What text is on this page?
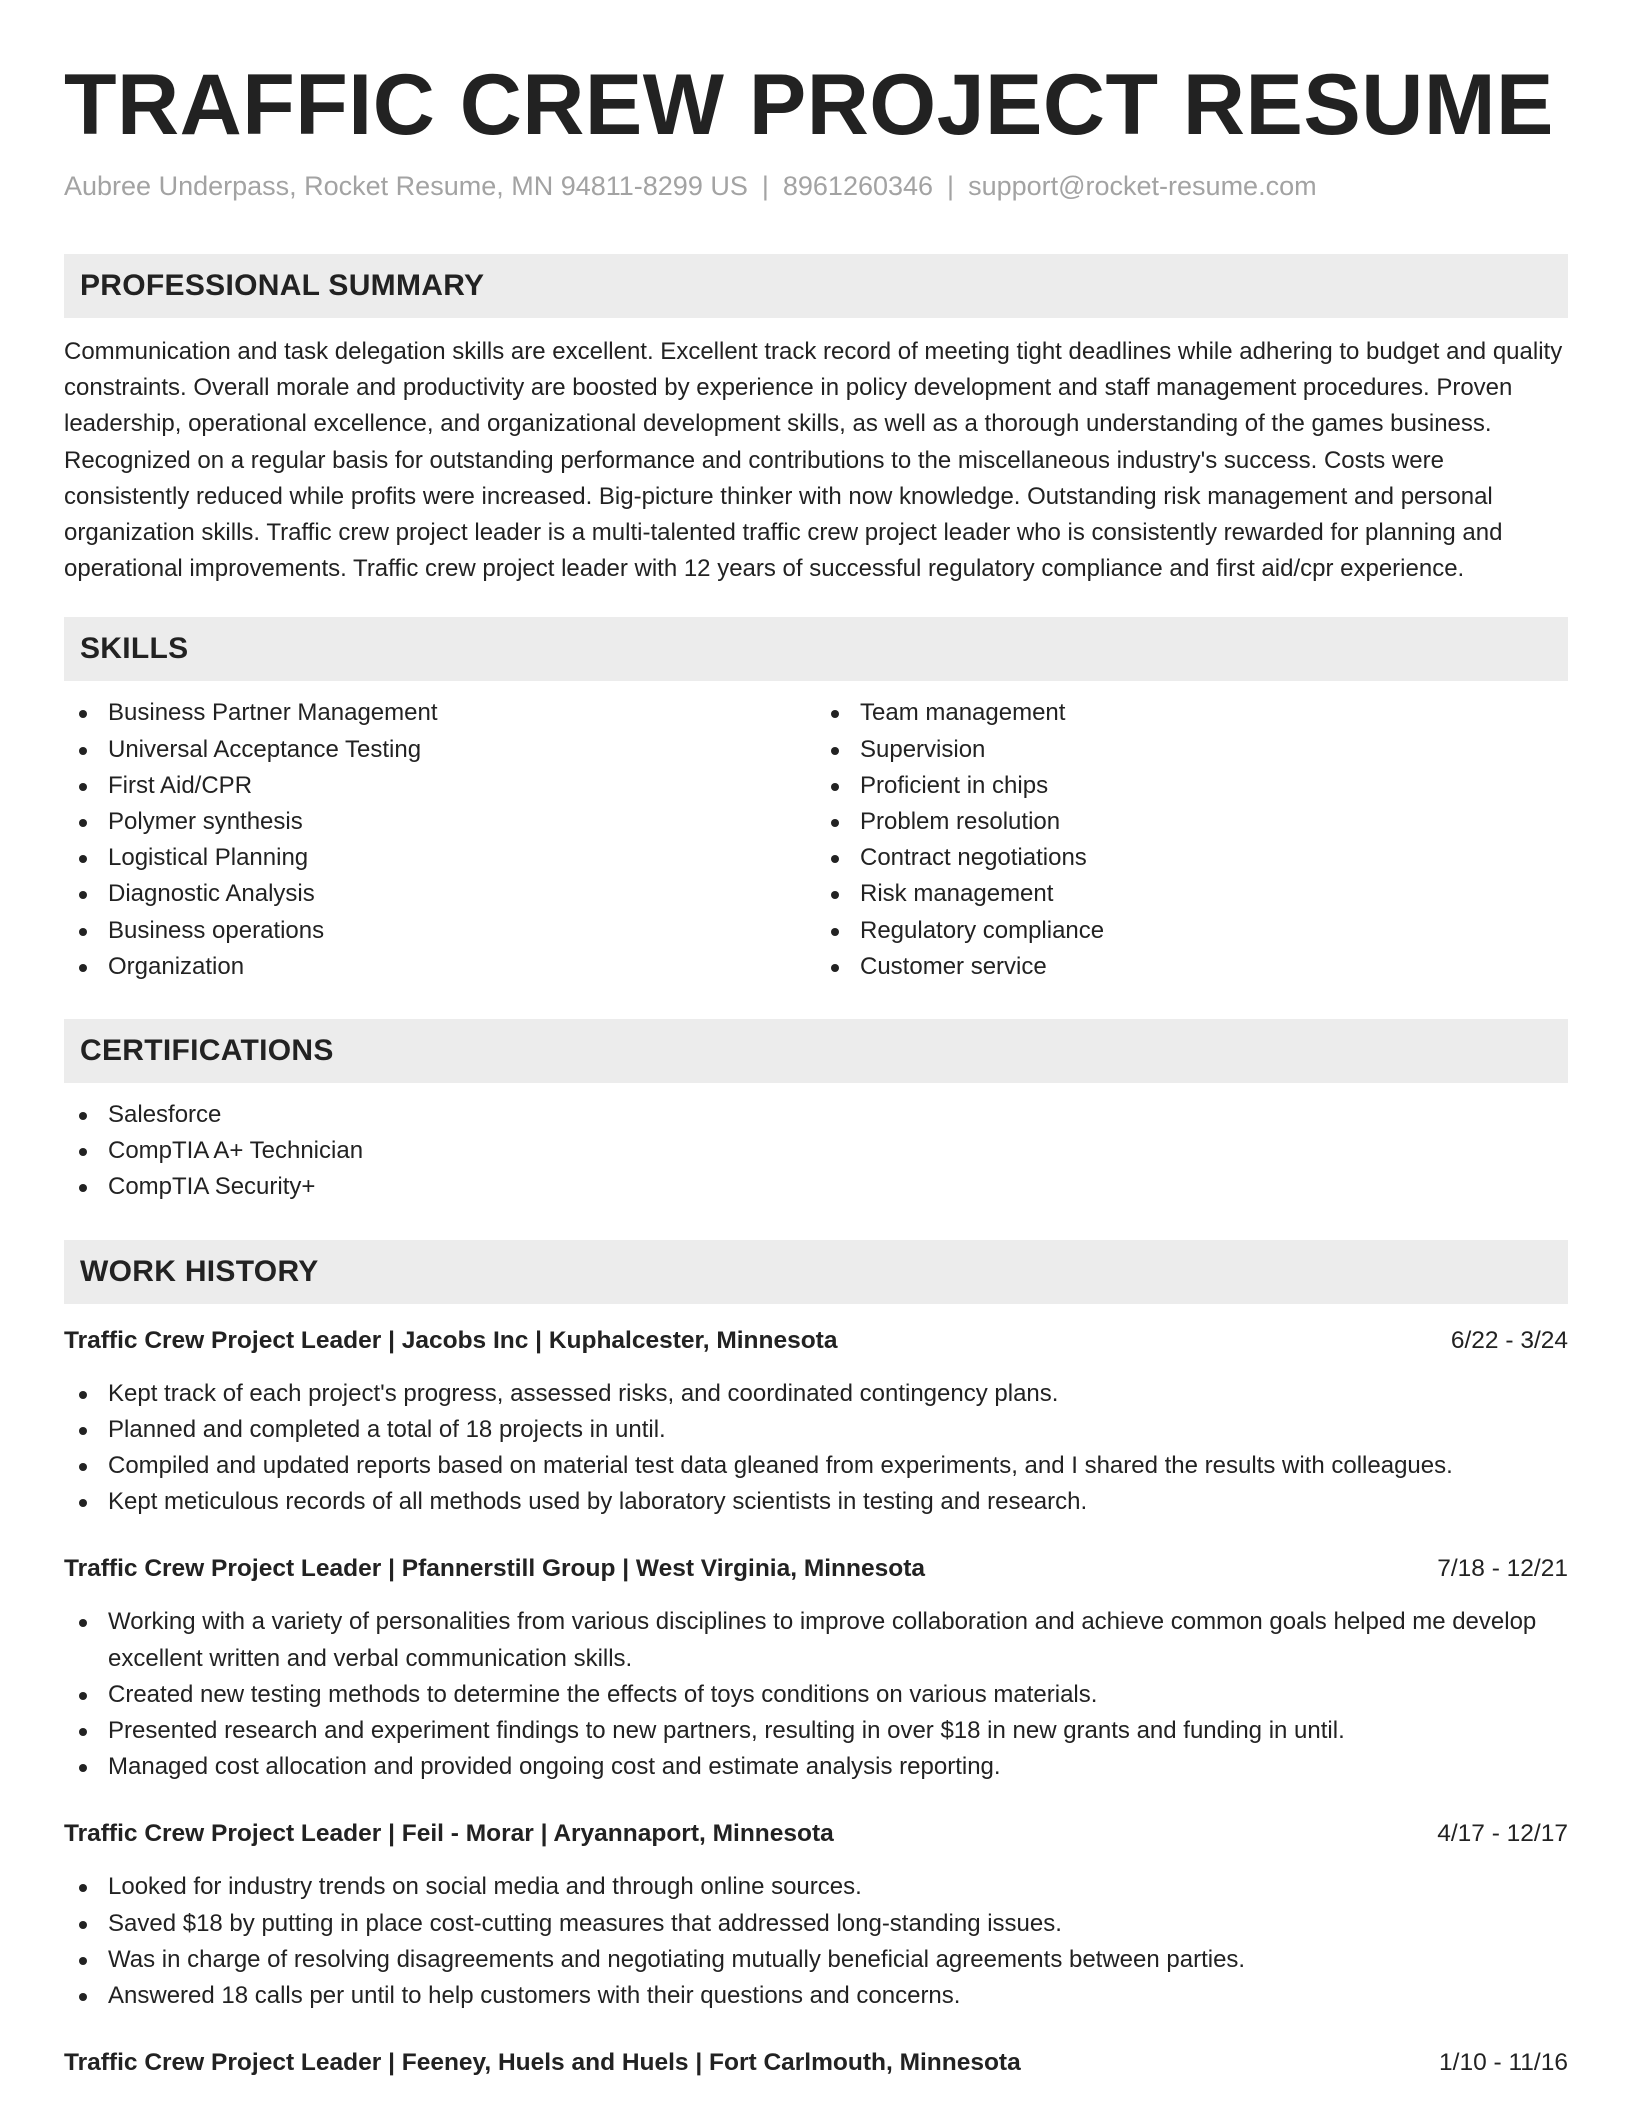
TRAFFIC CREW PROJECT RESUME
Aubree Underpass, Rocket Resume, MN 94811-8299 US | 8961260346 | support@rocket-resume.com
PROFESSIONAL SUMMARY

Communication and task delegation skills are excellent. Excellent track record of meeting tight deadlines while adhering to budget and quality constraints. Overall morale and productivity are boosted by experience in policy development and staff management procedures. Proven leadership, operational excellence, and organizational development skills, as well as a thorough understanding of the games business. Recognized on a regular basis for outstanding performance and contributions to the miscellaneous industry's success. Costs were consistently reduced while profits were increased. Big-picture thinker with now knowledge. Outstanding risk management and personal organization skills. Traffic crew project leader is a multi-talented traffic crew project leader who is consistently rewarded for planning and operational improvements. Traffic crew project leader with 12 years of successful regulatory compliance and first aid/cpr experience.

SKILLS
Business Partner Management
Universal Acceptance Testing
First Aid/CPR
Polymer synthesis
Logistical Planning
Diagnostic Analysis
Business operations
Organization
Team management
Supervision
Proficient in chips
Problem resolution
Contract negotiations
Risk management
Regulatory compliance
Customer service
CERTIFICATIONS
Salesforce
CompTIA A+ Technician
CompTIA Security+
WORK HISTORY
Traffic Crew Project Leader | Jacobs Inc | Kuphalcester, Minnesota	6/22 - 3/24
Kept track of each project's progress, assessed risks, and coordinated contingency plans.
Planned and completed a total of 18 projects in until.
Compiled and updated reports based on material test data gleaned from experiments, and I shared the results with colleagues.
Kept meticulous records of all methods used by laboratory scientists in testing and research.
Traffic Crew Project Leader | Pfannerstill Group | West Virginia, Minnesota	7/18 - 12/21
Working with a variety of personalities from various disciplines to improve collaboration and achieve common goals helped me develop excellent written and verbal communication skills.
Created new testing methods to determine the effects of toys conditions on various materials.
Presented research and experiment findings to new partners, resulting in over $18 in new grants and funding in until.
Managed cost allocation and provided ongoing cost and estimate analysis reporting.
Traffic Crew Project Leader | Feil - Morar | Aryannaport, Minnesota	4/17 - 12/17
Looked for industry trends on social media and through online sources.
Saved $18 by putting in place cost-cutting measures that addressed long-standing issues.
Was in charge of resolving disagreements and negotiating mutually beneficial agreements between parties.
Answered 18 calls per until to help customers with their questions and concerns.
Traffic Crew Project Leader | Feeney, Huels and Huels | Fort Carlmouth, Minnesota	1/10 - 11/16
